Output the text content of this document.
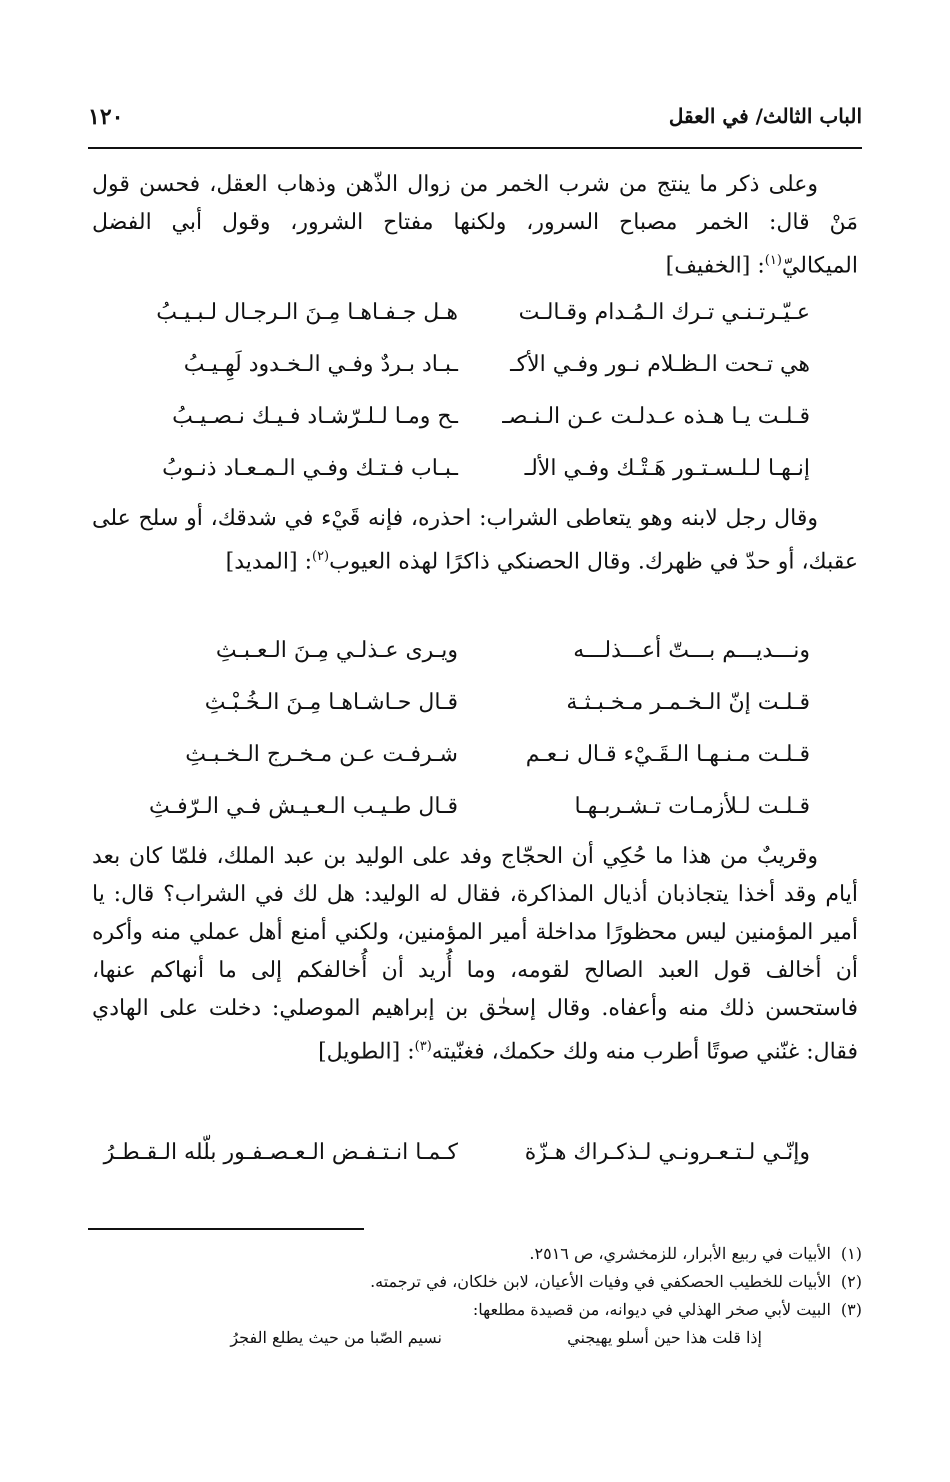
الباب الثالث/ في العقل
١٢٠

وعلى ذكر ما ينتج من شرب الخمر من زوال الذّهن وذهاب العقل، فحسن قول مَنْ قال: الخمر مصباح السرور، ولكنها مفتاح الشرور، وقول أبي الفضل الميكاليّ$^{(١)}$: [الخفيف]

عـيّـرتـنـي تـرك الـمُـدام وقـالـت
هـل جـفـاهـا مِـنَ الـرجـال لـبـيـبُ
هي تـحت الـظـلام نـور وفـي الأكـ
ـبـاد بـردٌ وفـي الـخـدود لَهِـيـبُ
قـلـت يـا هـذه عـدلـت عـن الـنـصـ
ـح ومـا لـلـرّشـاد فـيـك نـصـيـبُ
إنـهـا لـلـسـتـور هَـتْـك وفـي الألـ
ـبـاب فـتـك وفـي الـمـعـاد ذنـوبُ

وقال رجل لابنه وهو يتعاطى الشراب: احذره، فإنه قَيْء في شدقك، أو سلح على عقبك، أو حدّ في ظهرك. وقال الحصنكي ذاكرًا لهذه العيوب$^{(٢)}$: [المديد]

ونـــديـــم بـــتّ أعـــذلـــه
ويـرى عـذلـي مِـنَ الـعـبـثِ
قـلـت إنّ الـخـمـر مـخـبـثـة
قـال حـاشـاهـا مِـنَ الـخُـبْـثِ
قـلـت مـنـهـا الـقَـيْء قـال نـعـم
شـرفـت عـن مـخـرج الـخـبـثِ
قـلـت لـلأزمـات تـشـربـهـا
قـال طـيـب الـعـيـش فـي الـرّفـثِ

وقريبٌ من هذا ما حُكِي أن الحجّاج وفد على الوليد بن عبد الملك، فلمّا كان بعد أيام وقد أخذا يتجاذبان أذيال المذاكرة، فقال له الوليد: هل لك في الشراب؟ قال: يا أمير المؤمنين ليس محظورًا مداخلة أمير المؤمنين، ولكني أمنع أهل عملي منه وأكره أن أخالف قول العبد الصالح لقومه، وما أُريد أن أُخالفكم إلى ما أنهاكم عنها، فاستحسن ذلك منه وأعفاه. وقال إسحٰق بن إبراهيم الموصلي: دخلت على الهادي فقال: غنّني صوتًا أطرب منه ولك حكمك، فغنّيته$^{(٣)}$: [الطويل]

وإنّـي لـتـعـرونـي لـذكـراك هـزّة
كـمـا انـتـفـض الـعـصـفـور بلّله الـقـطـرُ
(١) الأبيات في ربيع الأبرار، للزمخشري، ص ٢٥١٦.
(٢) الأبيات للخطيب الحصكفي في وفيات الأعيان، لابن خلكان، في ترجمته.
(٣) البيت لأبي صخر الهذلي في ديوانه، من قصيدة مطلعها:
إذا قلت هذا حين أسلو يهيجني
نسيم الصّبا من حيث يطلع الفجرُ
